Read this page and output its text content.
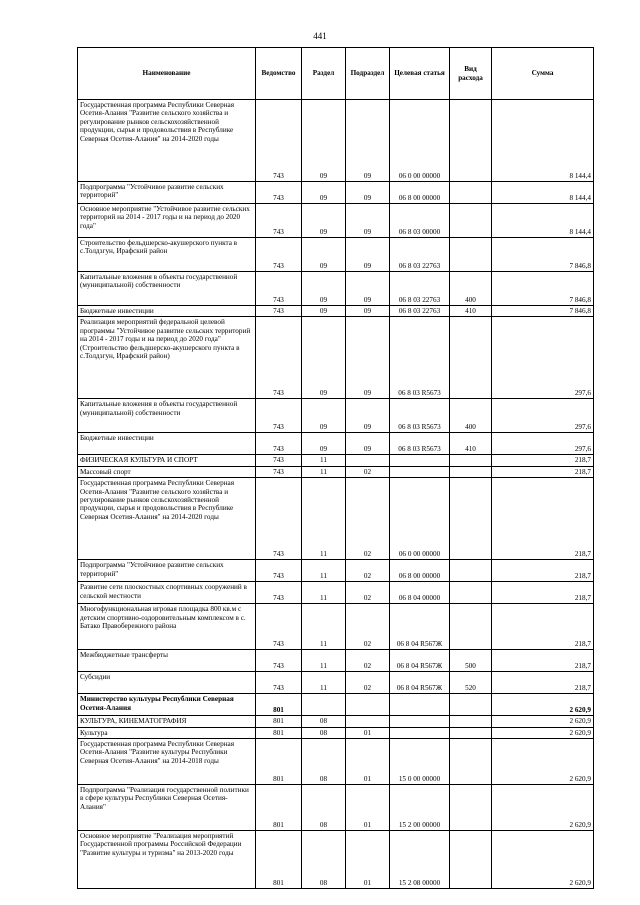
441
Наименование	Ведомство	Раздел	Подраздел	Целевая статья	Вид расхода	Сумма
Государственная программа Республики Северная Осетия-Алания "Развитие сельского хозяйства и регулирование рынков сельскохозяйственной продукции, сырья и продовольствия в Республике Северная Осетия-Алания" на 2014-2020 годы	743	09	09	06 0 00 00000		8 144,4
Подпрограмма "Устойчивое развитие сельских территорий"	743	09	09	06 8 00 00000		8 144,4
Основное мероприятие "Устойчивое развитие сельских территорий на 2014 - 2017 годы и на период до 2020 года"	743	09	09	06 8 03 00000		8 144,4
Строительство фельдшерско-акушерского пункта в с.Толдзгун, Ирафский район	743	09	09	06 8 03 22763		7 846,8
Капитальные вложения в объекты государственной (муниципальной) собственности	743	09	09	06 8 03 22763	400	7 846,8
Бюджетные инвестиции	743	09	09	06 8 03 22763	410	7 846,8
Реализация мероприятий федеральной целевой программы "Устойчивое развитие сельских территорий на 2014 - 2017 годы и на период до 2020 года" (Строительство фельдшерско-акушерского пункта в с.Толдзгун, Ирафский район)	743	09	09	06 8 03 R5673		297,6
Капитальные вложения в объекты государственной (муниципальной) собственности	743	09	09	06 8 03 R5673	400	297,6
Бюджетные инвестиции	743	09	09	06 8 03 R5673	410	297,6
ФИЗИЧЕСКАЯ КУЛЬТУРА И СПОРТ	743	11				218,7
Массовый спорт	743	11	02			218,7
Государственная программа Республики Северная Осетия-Алания "Развитие сельского хозяйства и регулирование рынков сельскохозяйственной продукции, сырья и продовольствия в Республике Северная Осетия-Алания" на 2014-2020 годы	743	11	02	06 0 00 00000		218,7
Подпрограмма "Устойчивое развитие сельских территорий"	743	11	02	06 8 00 00000		218,7
Развитие сети плоскостных спортивных сооружений в сельской местности	743	11	02	06 8 04 00000		218,7
Многофункциональная игровая площадка 800 кв.м с детским спортивно-оздоровительным комплексом в с. Батако Правобережного района	743	11	02	06 8 04 R567Ж		218,7
Межбюджетные трансферты	743	11	02	06 8 04 R567Ж	500	218,7
Субсидии	743	11	02	06 8 04 R567Ж	520	218,7
Министерство культуры Республики Северная Осетия-Алания	801					2 620,9
КУЛЬТУРА, КИНЕМАТОГРАФИЯ	801	08				2 620,9
Культура	801	08	01			2 620,9
Государственная программа Республики Северная Осетия-Алания "Развитие культуры Республики Северная Осетия-Алания" на 2014-2018 годы	801	08	01	15 0 00 00000		2 620,9
Подпрограмма "Реализация государственной политики в сфере культуры Республики Северная Осетия-Алания"	801	08	01	15 2 00 00000		2 620,9
Основное мероприятие "Реализация мероприятий Государственной программы Российской Федерации "Развитие культуры и туризма" на 2013-2020 годы	801	08	01	15 2 08 00000		2 620,9
